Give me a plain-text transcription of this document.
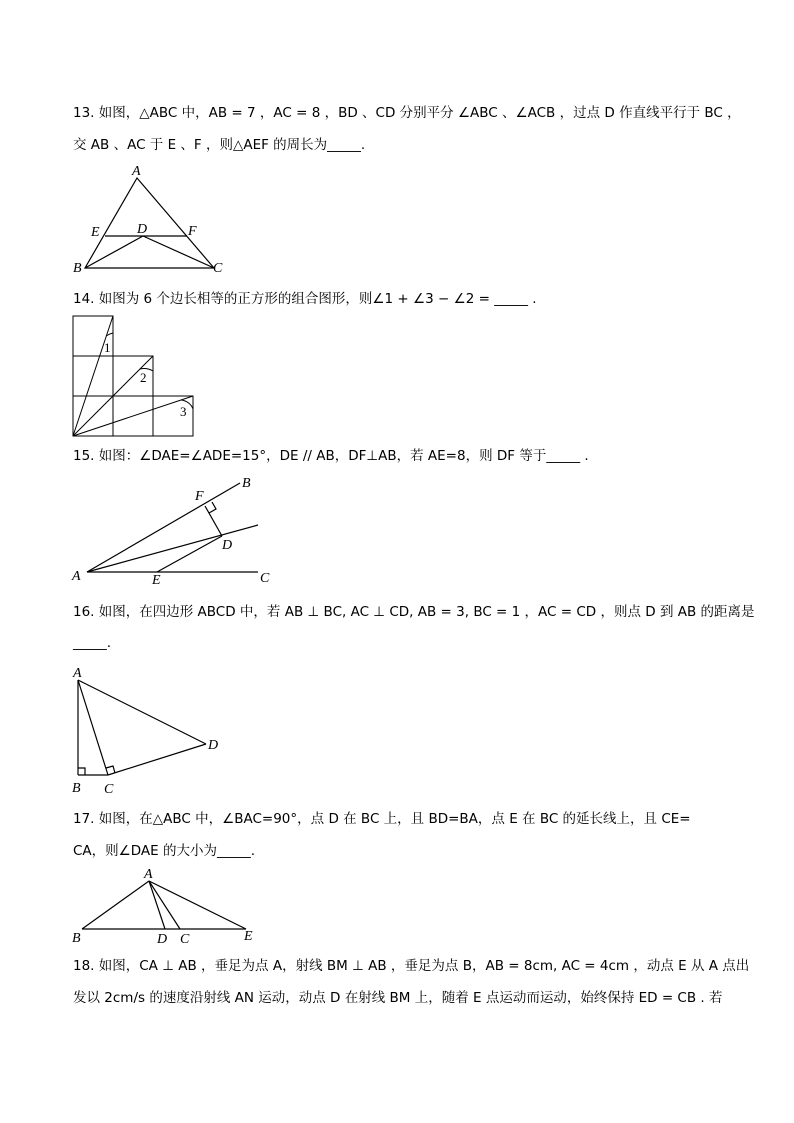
13. 如图，△ABC 中，AB = 7 ，AC = 8 ，BD 、CD 分别平分 ∠ABC 、∠ACB ，过点 D 作直线平行于 BC ，
交 AB 、AC 于 E 、F ，则△AEF 的周长为_____.
A
B	C
D
E	F
14. 如图为 6 个边长相等的正方形的组合图形，则∠1 + ∠3 − ∠2 = _____ .
1
2
3
15. 如图：∠DAE=∠ADE=15°，DE // AB，DF⊥AB，若 AE=8，则 DF 等于_____ .
A
B
C
D
E
F
16. 如图，在四边形 ABCD 中，若 AB ⊥ BC, AC ⊥ CD, AB = 3, BC = 1 ，AC = CD ，则点 D 到 AB 的距离是
_____.
A
B C
D
17. 如图，在△ABC 中，∠BAC=90°，点 D 在 BC 上，且 BD=BA，点 E 在 BC 的延长线上，且 CE=
CA，则∠DAE 的大小为_____.
A
B	C
D	E
18. 如图，CA ⊥ AB ，垂足为点 A，射线 BM ⊥ AB ，垂足为点 B，AB = 8cm, AC = 4cm ，动点 E 从 A 点出
发以 2cm/s 的速度沿射线 AN 运动，动点 D 在射线 BM 上，随着 E 点运动而运动，始终保持 ED = CB . 若
